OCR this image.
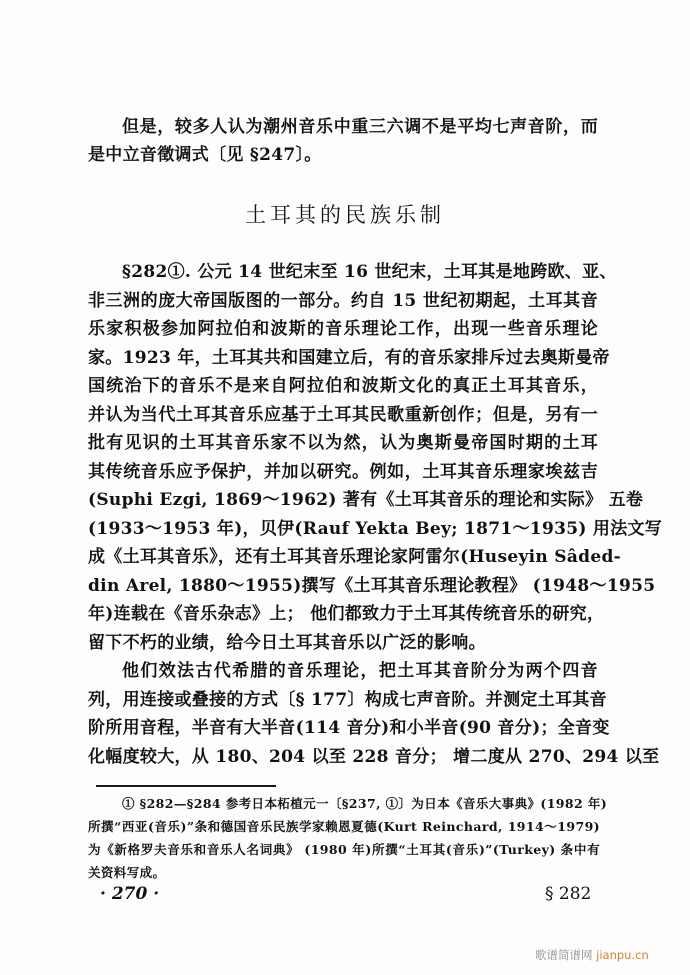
但是，较多人认为潮州音乐中重三六调不是平均七声音阶，而
是中立音徵调式〔见 §247〕。
土耳其的民族乐制
§282①. 公元 14 世纪末至 16 世纪末，土耳其是地跨欧、亚、
非三洲的庞大帝国版图的一部分。约自 15 世纪初期起，土耳其音
乐家积极参加阿拉伯和波斯的音乐理论工作，出现一些音乐理论
家。1923 年，土耳其共和国建立后，有的音乐家排斥过去奥斯曼帝
国统治下的音乐不是来自阿拉伯和波斯文化的真正土耳其音乐，
并认为当代土耳其音乐应基于土耳其民歌重新创作；但是，另有一
批有见识的土耳其音乐家不以为然，认为奥斯曼帝国时期的土耳
其传统音乐应予保护，并加以研究。例如，土耳其音乐理家埃兹吉
(Suphi Ezgi, 1869～1962) 著有《土耳其音乐的理论和实际》 五卷
(1933～1953 年)，贝伊(Rauf Yekta Bey; 1871～1935) 用法文写
成《土耳其音乐》，还有土耳其音乐理论家阿雷尔(Huseyin Sâded-
din Arel, 1880～1955)撰写《土耳其音乐理论教程》 (1948～1955
年)连载在《音乐杂志》上； 他们都致力于土耳其传统音乐的研究，
留下不朽的业绩，给今日土耳其音乐以广泛的影响。
他们效法古代希腊的音乐理论，把土耳其音阶分为两个四音
列，用连接或叠接的方式〔§ 177〕构成七声音阶。并测定土耳其音
阶所用音程，半音有大半音(114 音分)和小半音(90 音分)；全音变
化幅度较大，从 180、204 以至 228 音分； 增二度从 270、294 以至
① §282—§284 参考日本柘植元一〔§237, ①〕为日本《音乐大事典》(1982 年)
所撰“西亚(音乐)”条和德国音乐民族学家赖恩夏德(Kurt Reinchard, 1914～1979)
为《新格罗夫音乐和音乐人名词典》 (1980 年)所撰“土耳其(音乐)”(Turkey) 条中有
关资料写成。
· 270 ·	§ 282
歌谱简谱网 jianpu.cn
